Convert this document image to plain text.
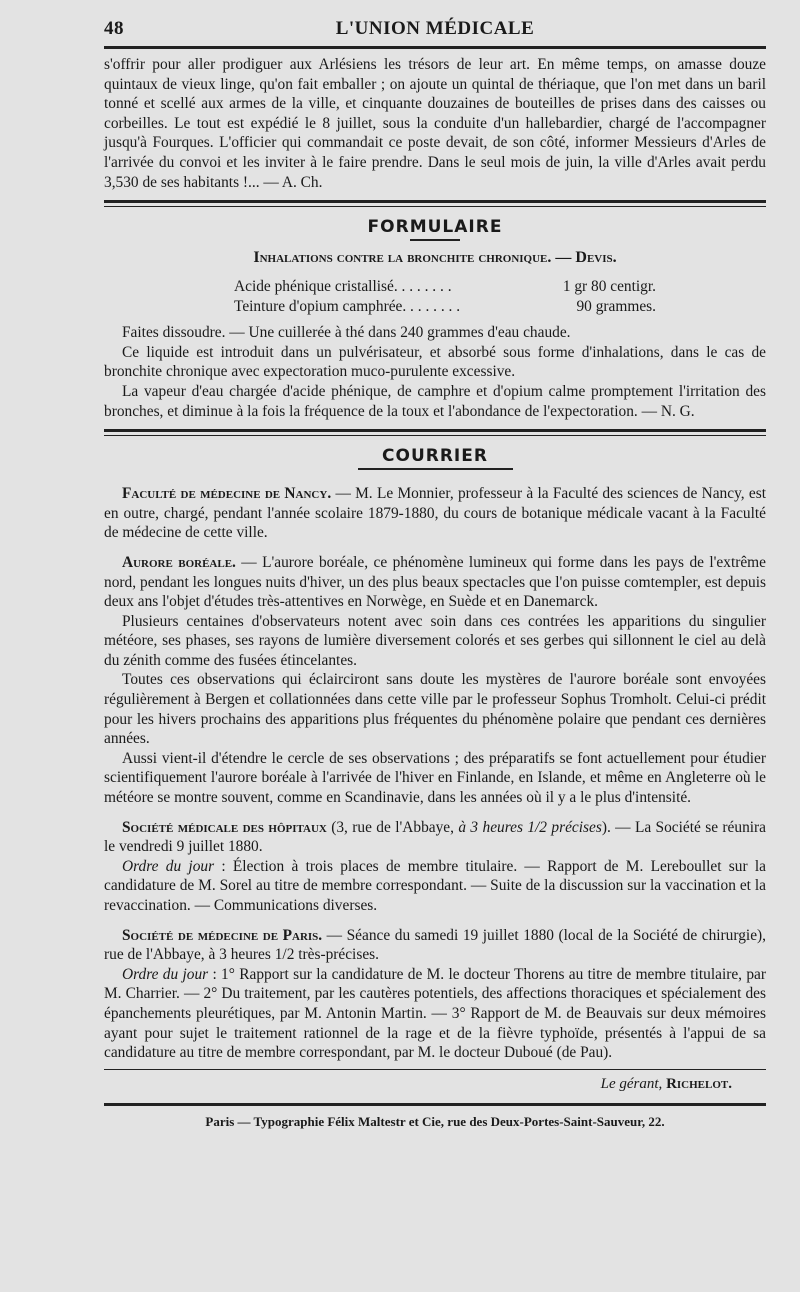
48	L'UNION MÉDICALE

s'offrir pour aller prodiguer aux Arlésiens les trésors de leur art. En même temps, on amasse douze quintaux de vieux linge, qu'on fait emballer ; on ajoute un quintal de thériaque, que l'on met dans un baril tonné et scellé aux armes de la ville, et cinquante douzaines de bouteilles de prises dans des caisses ou corbeilles. Le tout est expédié le 8 juillet, sous la conduite d'un hallebardier, chargé de l'accompagner jusqu'à Fourques. L'officier qui commandait ce poste devait, de son côté, informer Messieurs d'Arles de l'arrivée du convoi et les inviter à le faire prendre. Dans le seul mois de juin, la ville d'Arles avait perdu 3,530 de ses habitants !... — A. Ch.

FORMULAIRE
Inhalations contre la bronchite chronique. — Devis.
Acide phénique cristallisé. . . . . . . .	1 gr 80 centigr.
Teinture d'opium camphrée. . . . . . . .	90 grammes.

Faites dissoudre. — Une cuillerée à thé dans 240 grammes d'eau chaude.

Ce liquide est introduit dans un pulvérisateur, et absorbé sous forme d'inhalations, dans le cas de bronchite chronique avec expectoration muco-purulente excessive.

La vapeur d'eau chargée d'acide phénique, de camphre et d'opium calme promptement l'irritation des bronches, et diminue à la fois la fréquence de la toux et l'abondance de l'expectoration. — N. G.

COURRIER

Faculté de médecine de Nancy. — M. Le Monnier, professeur à la Faculté des sciences de Nancy, est en outre, chargé, pendant l'année scolaire 1879-1880, du cours de botanique médicale vacant à la Faculté de médecine de cette ville.

Aurore boréale. — L'aurore boréale, ce phénomène lumineux qui forme dans les pays de l'extrême nord, pendant les longues nuits d'hiver, un des plus beaux spectacles que l'on puisse comtempler, est depuis deux ans l'objet d'études très-attentives en Norwège, en Suède et en Danemarck.

Plusieurs centaines d'observateurs notent avec soin dans ces contrées les apparitions du singulier météore, ses phases, ses rayons de lumière diversement colorés et ses gerbes qui sillonnent le ciel au delà du zénith comme des fusées étincelantes.

Toutes ces observations qui éclairciront sans doute les mystères de l'aurore boréale sont envoyées régulièrement à Bergen et collationnées dans cette ville par le professeur Sophus Tromholt. Celui-ci prédit pour les hivers prochains des apparitions plus fréquentes du phénomène polaire que pendant ces dernières années.

Aussi vient-il d'étendre le cercle de ses observations ; des préparatifs se font actuellement pour étudier scientifiquement l'aurore boréale à l'arrivée de l'hiver en Finlande, en Islande, et même en Angleterre où le météore se montre souvent, comme en Scandinavie, dans les années où il y a le plus d'intensité.

Société médicale des hôpitaux (3, rue de l'Abbaye, à 3 heures 1/2 précises). — La Société se réunira le vendredi 9 juillet 1880.

Ordre du jour : Élection à trois places de membre titulaire. — Rapport de M. Lereboullet sur la candidature de M. Sorel au titre de membre correspondant. — Suite de la discussion sur la vaccination et la revaccination. — Communications diverses.

Société de médecine de Paris. — Séance du samedi 19 juillet 1880 (local de la Société de chirurgie), rue de l'Abbaye, à 3 heures 1/2 très-précises.

Ordre du jour : 1° Rapport sur la candidature de M. le docteur Thorens au titre de membre titulaire, par M. Charrier. — 2° Du traitement, par les cautères potentiels, des affections thoraciques et spécialement des épanchements pleurétiques, par M. Antonin Martin. — 3° Rapport de M. de Beauvais sur deux mémoires ayant pour sujet le traitement rationnel de la rage et de la fièvre typhoïde, présentés à l'appui de sa candidature au titre de membre correspondant, par M. le docteur Duboué (de Pau).

Le gérant, Richelot.
Paris — Typographie Félix Maltestr et Cie, rue des Deux-Portes-Saint-Sauveur, 22.
